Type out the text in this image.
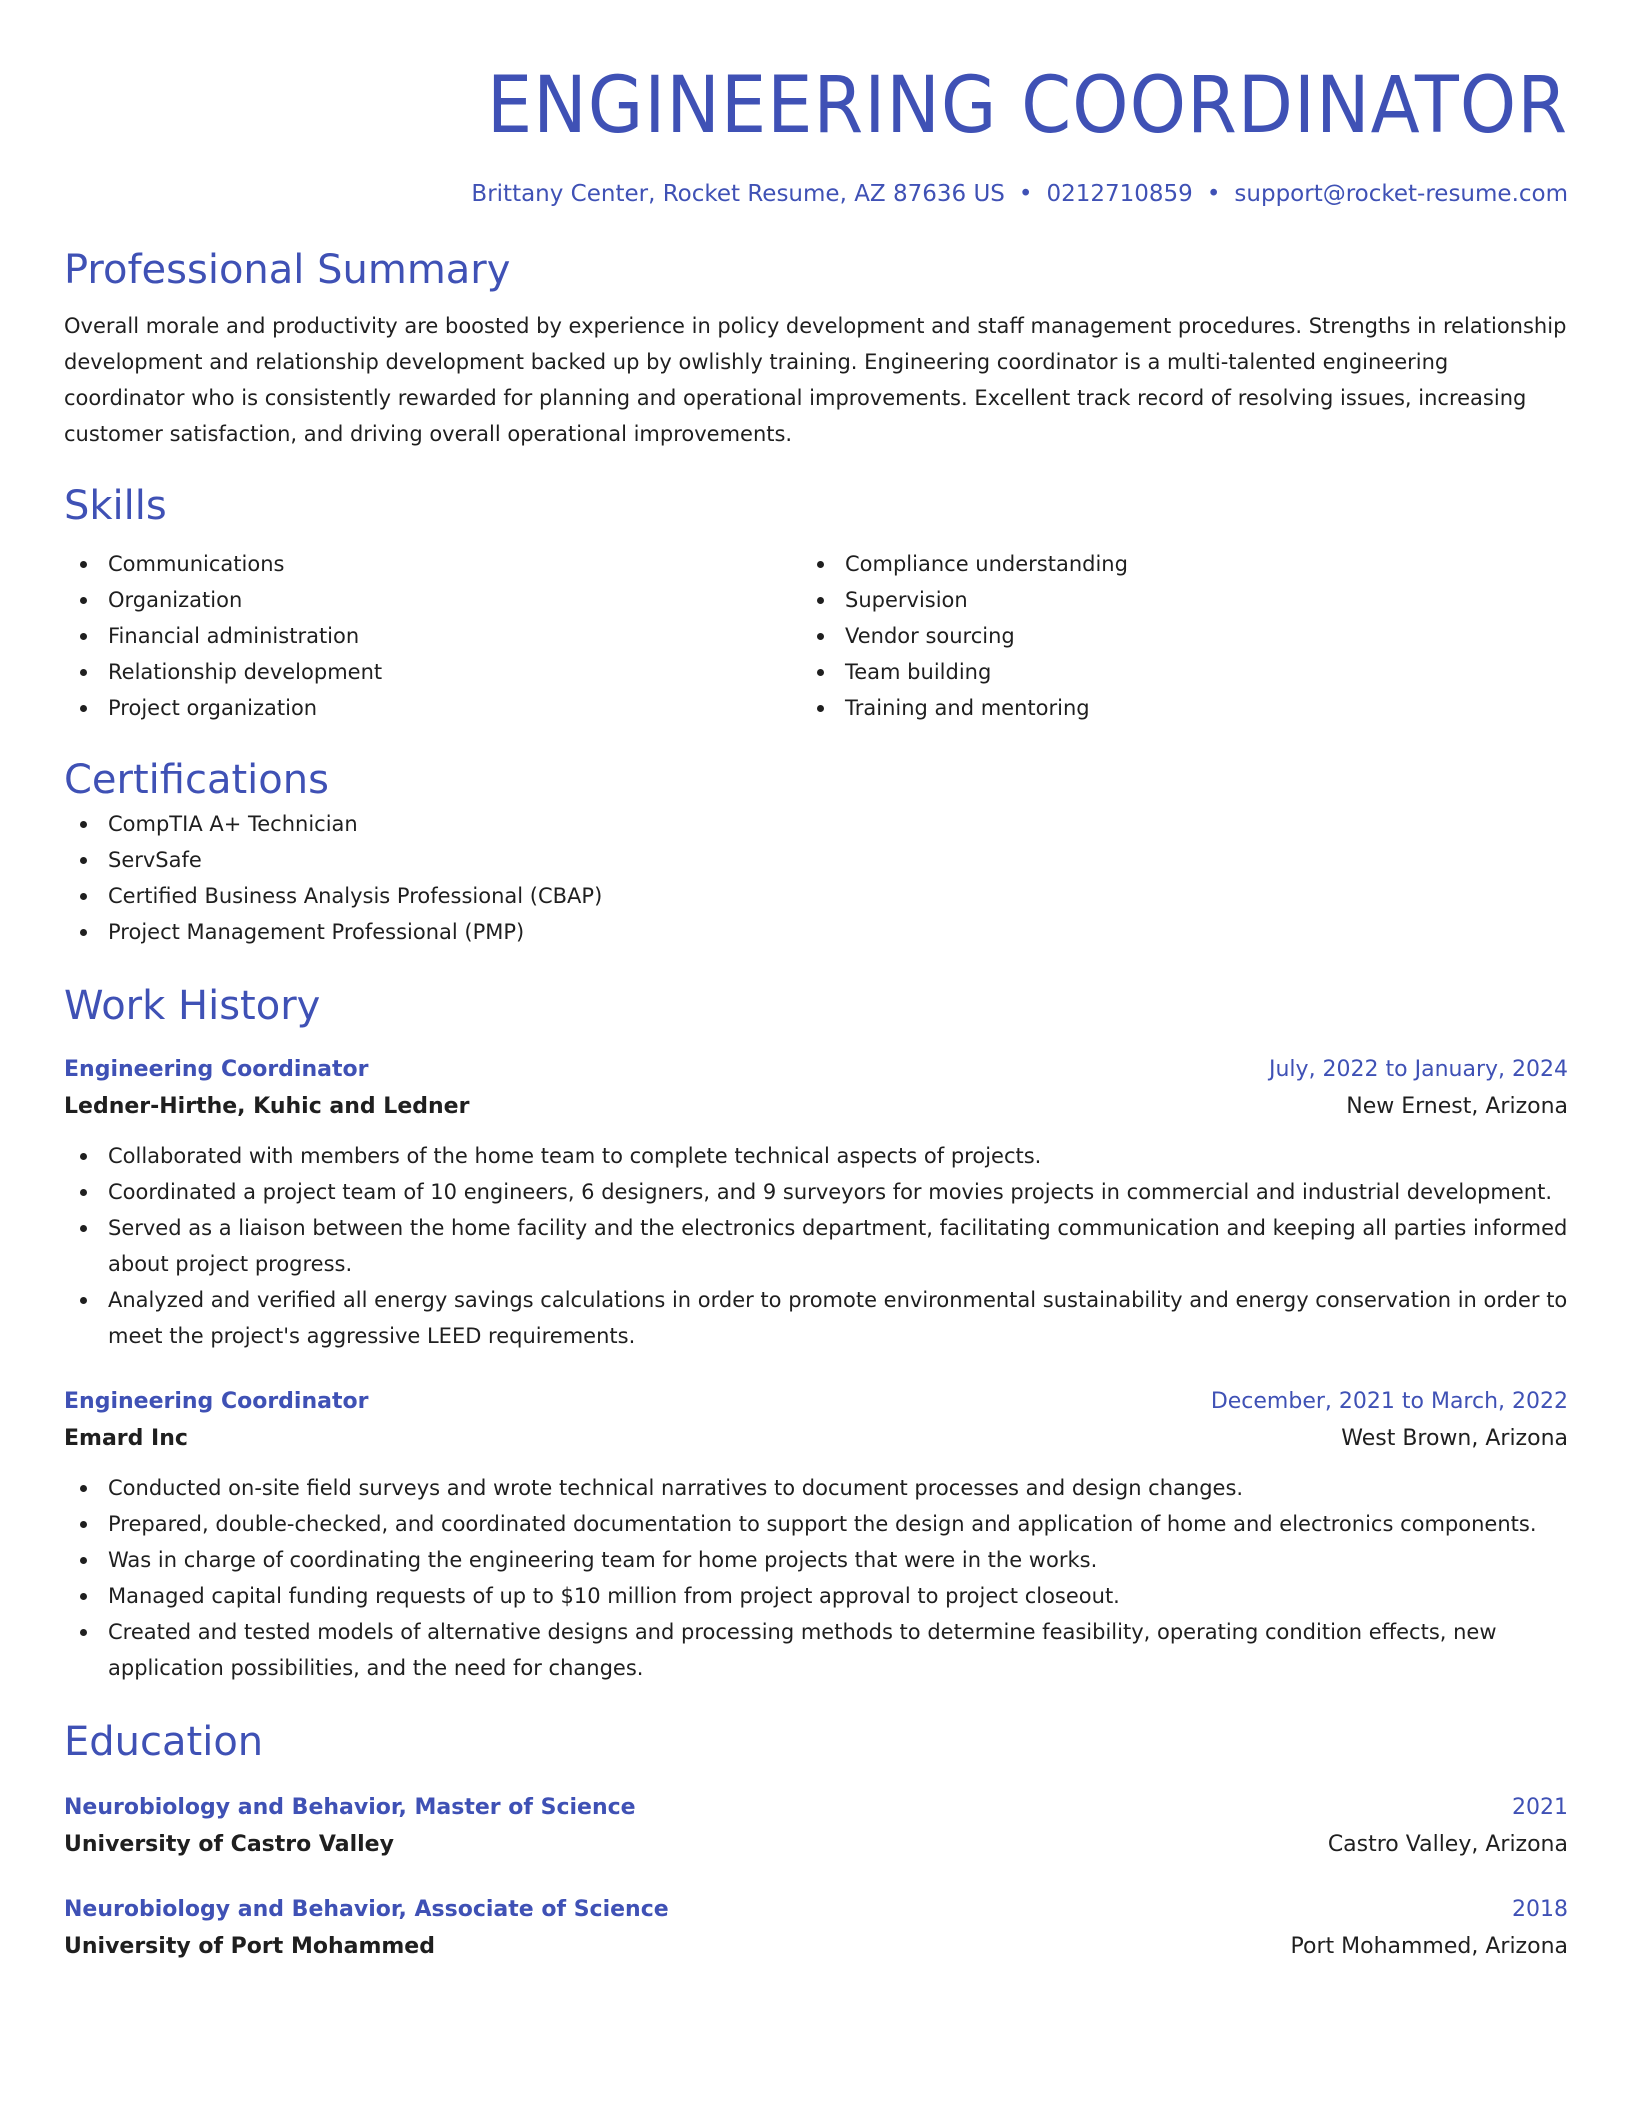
ENGINEERING COORDINATOR
Brittany Center, Rocket Resume, AZ 87636 US • 0212710859 • support@rocket-resume.com
Professional Summary
Overall morale and productivity are boosted by experience in policy development and staff management procedures. Strengths in relationship development and relationship development backed up by owlishly training. Engineering coordinator is a multi-talented engineering coordinator who is consistently rewarded for planning and operational improvements. Excellent track record of resolving issues, increasing customer satisfaction, and driving overall operational improvements.
Skills
Communications
Organization
Financial administration
Relationship development
Project organization
Compliance understanding
Supervision
Vendor sourcing
Team building
Training and mentoring
Certifications
CompTIA A+ Technician
ServSafe
Certified Business Analysis Professional (CBAP)
Project Management Professional (PMP)
Work History
Engineering Coordinator	July, 2022 to January, 2024
Ledner-Hirthe, Kuhic and Ledner	New Ernest, Arizona
Collaborated with members of the home team to complete technical aspects of projects.
Coordinated a project team of 10 engineers, 6 designers, and 9 surveyors for movies projects in commercial and industrial development.
Served as a liaison between the home facility and the electronics department, facilitating communication and keeping all parties informed about project progress.
Analyzed and verified all energy savings calculations in order to promote environmental sustainability and energy conservation in order to meet the project's aggressive LEED requirements.
Engineering Coordinator	December, 2021 to March, 2022
Emard Inc	West Brown, Arizona
Conducted on-site field surveys and wrote technical narratives to document processes and design changes.
Prepared, double-checked, and coordinated documentation to support the design and application of home and electronics components.
Was in charge of coordinating the engineering team for home projects that were in the works.
Managed capital funding requests of up to $10 million from project approval to project closeout.
Created and tested models of alternative designs and processing methods to determine feasibility, operating condition effects, new application possibilities, and the need for changes.
Education
Neurobiology and Behavior, Master of Science	2021
University of Castro Valley	Castro Valley, Arizona
Neurobiology and Behavior, Associate of Science	2018
University of Port Mohammed	Port Mohammed, Arizona
